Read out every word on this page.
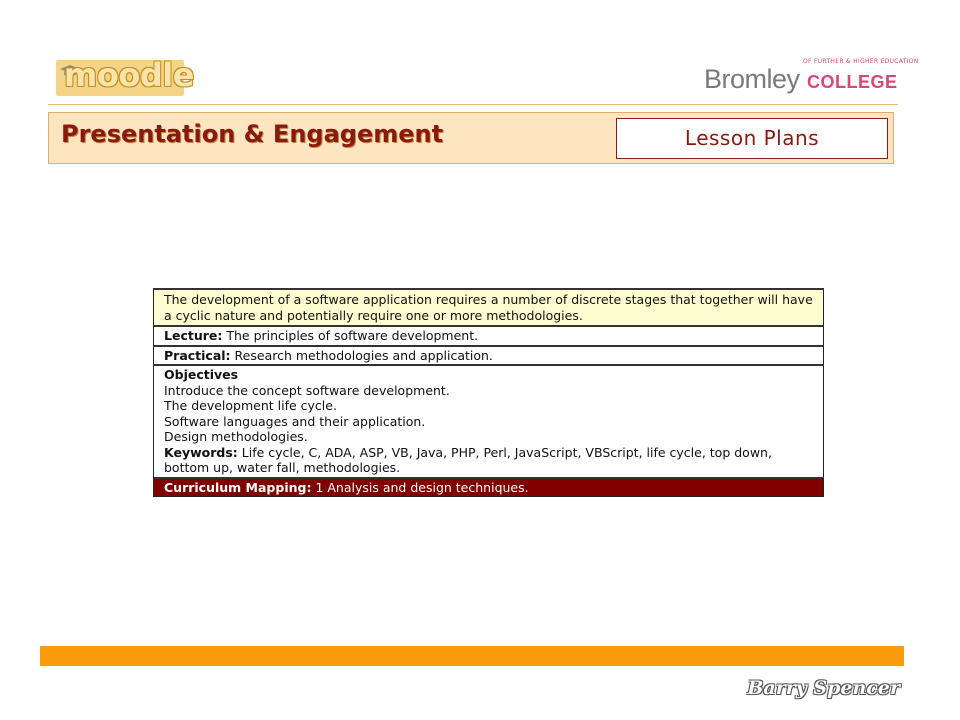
moodle	OF FURTHER & HIGHER EDUCATION
Bromley COLLEGE
Presentation & Engagement	Lesson Plans
The development of a software application requires a number of discrete stages that together will have a cyclic nature and potentially require one or more methodologies.
Lecture: The principles of software development.
Practical: Research methodologies and application.

Objectives
Introduce the concept software development.
The development life cycle.
Software languages and their application.
Design methodologies.
Keywords: Life cycle, C, ADA, ASP, VB, Java, PHP, Perl, JavaScript, VBScript, life cycle, top down, bottom up, water fall, methodologies.

Curriculum Mapping: 1 Analysis and design techniques.
Barry Spencer
